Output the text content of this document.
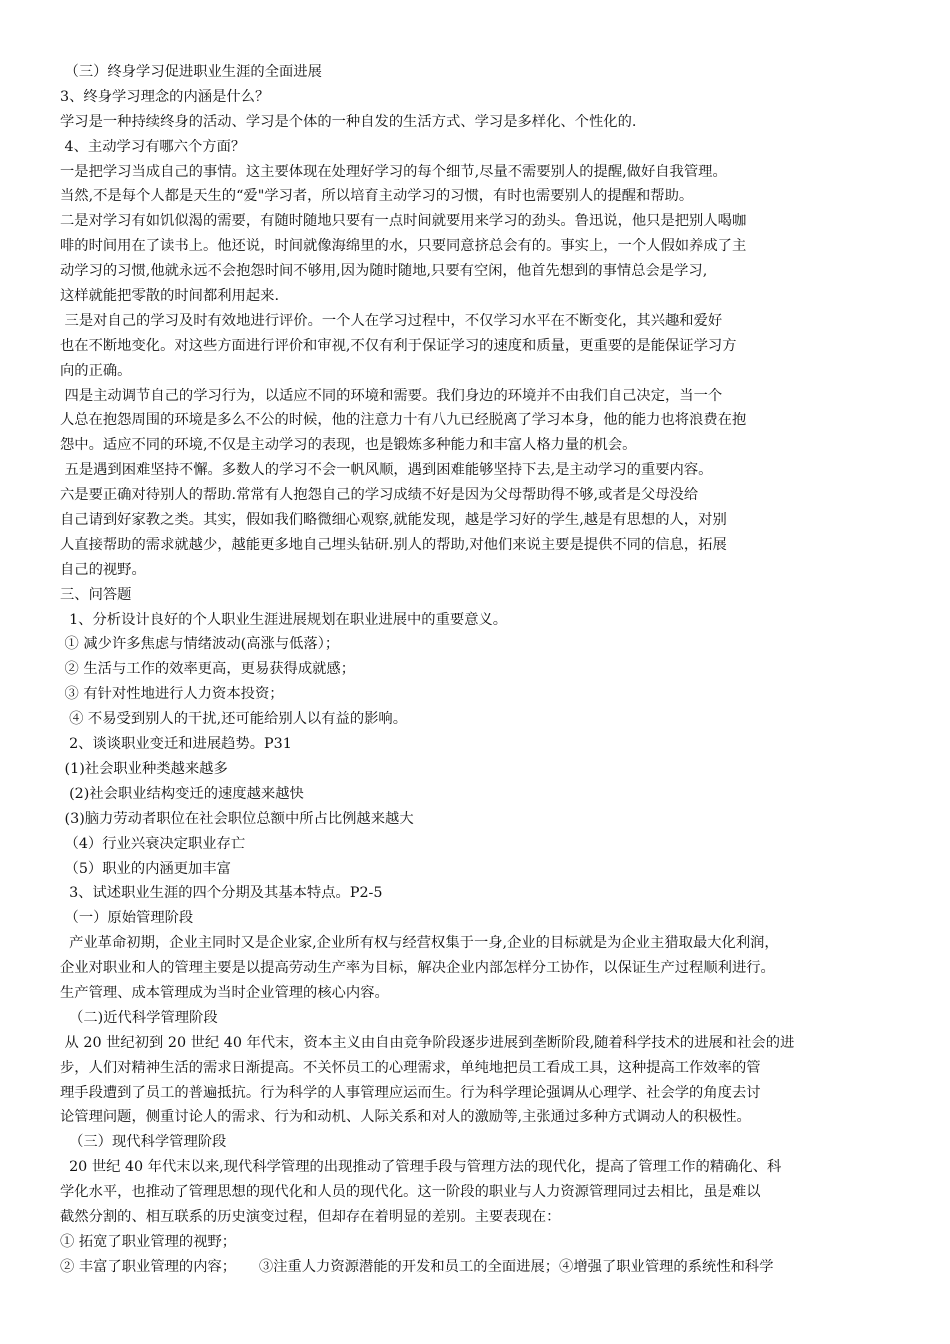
（三）终身学习促进职业生涯的全面进展
3、终身学习理念的内涵是什么？
学习是一种持续终身的活动、学习是个体的一种自发的生活方式、学习是多样化、个性化的.
4、主动学习有哪六个方面？
一是把学习当成自己的事情。这主要体现在处理好学习的每个细节,尽量不需要别人的提醒,做好自我管理。
当然,不是每个人都是天生的“爱"学习者，所以培育主动学习的习惯，有时也需要别人的提醒和帮助。
二是对学习有如饥似渴的需要，有随时随地只要有一点时间就要用来学习的劲头。鲁迅说，他只是把别人喝咖
啡的时间用在了读书上。他还说，时间就像海绵里的水，只要同意挤总会有的。事实上，一个人假如养成了主
动学习的习惯,他就永远不会抱怨时间不够用,因为随时随地,只要有空闲，他首先想到的事情总会是学习,
这样就能把零散的时间都利用起来.
三是对自己的学习及时有效地进行评价。一个人在学习过程中，不仅学习水平在不断变化，其兴趣和爱好
也在不断地变化。对这些方面进行评价和审视,不仅有利于保证学习的速度和质量，更重要的是能保证学习方
向的正确。
四是主动调节自己的学习行为，以适应不同的环境和需要。我们身边的环境并不由我们自己决定，当一个
人总在抱怨周围的环境是多么不公的时候，他的注意力十有八九已经脱离了学习本身，他的能力也将浪费在抱
怨中。适应不同的环境,不仅是主动学习的表现，也是锻炼多种能力和丰富人格力量的机会。
五是遇到困难坚持不懈。多数人的学习不会一帆风顺，遇到困难能够坚持下去,是主动学习的重要内容。
六是要正确对待别人的帮助.常常有人抱怨自己的学习成绩不好是因为父母帮助得不够,或者是父母没给
自己请到好家教之类。其实，假如我们略微细心观察,就能发现，越是学习好的学生,越是有思想的人，对别
人直接帮助的需求就越少，越能更多地自己埋头钻研.别人的帮助,对他们来说主要是提供不同的信息，拓展
自己的视野。
三、问答题
1、分析设计良好的个人职业生涯进展规划在职业进展中的重要意义。
① 减少许多焦虑与情绪波动(高涨与低落）；
② 生活与工作的效率更高，更易获得成就感；
③ 有针对性地进行人力资本投资；
④ 不易受到别人的干扰,还可能给别人以有益的影响。
2、谈谈职业变迁和进展趋势。P31
(1)社会职业种类越来越多
(2)社会职业结构变迁的速度越来越快
(3)脑力劳动者职位在社会职位总额中所占比例越来越大
（4）行业兴衰决定职业存亡
（5）职业的内涵更加丰富
3、试述职业生涯的四个分期及其基本特点。P2-5
（一）原始管理阶段
产业革命初期，企业主同时又是企业家,企业所有权与经营权集于一身,企业的目标就是为企业主猎取最大化利润，
企业对职业和人的管理主要是以提高劳动生产率为目标，解决企业内部怎样分工协作，以保证生产过程顺利进行。
生产管理、成本管理成为当时企业管理的核心内容。
（二)近代科学管理阶段
从 20 世纪初到 20 世纪 40 年代末，资本主义由自由竞争阶段逐步进展到垄断阶段,随着科学技术的进展和社会的进
步，人们对精神生活的需求日渐提高。不关怀员工的心理需求，单纯地把员工看成工具，这种提高工作效率的管
理手段遭到了员工的普遍抵抗。行为科学的人事管理应运而生。行为科学理论强调从心理学、社会学的角度去讨
论管理问题，侧重讨论人的需求、行为和动机、人际关系和对人的激励等,主张通过多种方式调动人的积极性。
（三）现代科学管理阶段
20 世纪 40 年代末以来,现代科学管理的出现推动了管理手段与管理方法的现代化，提高了管理工作的精确化、科
学化水平，也推动了管理思想的现代化和人员的现代化。这一阶段的职业与人力资源管理同过去相比，虽是难以
截然分割的、相互联系的历史演变过程，但却存在着明显的差别。主要表现在：
① 拓宽了职业管理的视野；
② 丰富了职业管理的内容；     ③注重人力资源潜能的开发和员工的全面进展；④增强了职业管理的系统性和科学
